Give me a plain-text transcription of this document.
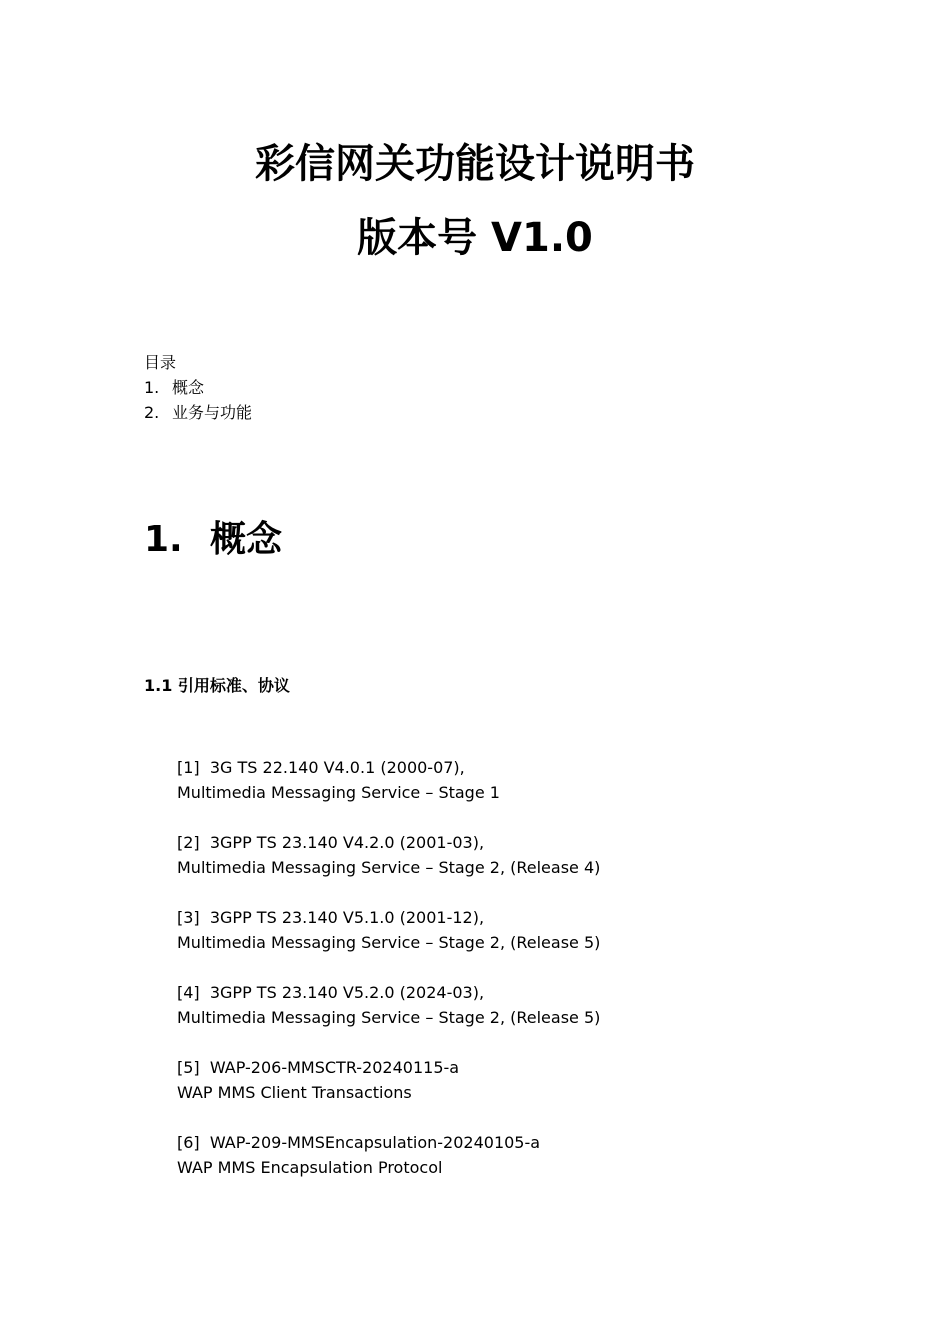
彩信网关功能设计说明书
版本号 V1.0
目录
1. 概念
2. 业务与功能
1. 概念
1.1 引用标准、协议
[1] 3G TS 22.140 V4.0.1 (2000-07),
Multimedia Messaging Service – Stage 1
[2] 3GPP TS 23.140 V4.2.0 (2001-03),
Multimedia Messaging Service – Stage 2, (Release 4)
[3] 3GPP TS 23.140 V5.1.0 (2001-12),
Multimedia Messaging Service – Stage 2, (Release 5)
[4] 3GPP TS 23.140 V5.2.0 (2024-03),
Multimedia Messaging Service – Stage 2, (Release 5)
[5] WAP-206-MMSCTR-20240115-a
WAP MMS Client Transactions
[6] WAP-209-MMSEncapsulation-20240105-a
WAP MMS Encapsulation Protocol
